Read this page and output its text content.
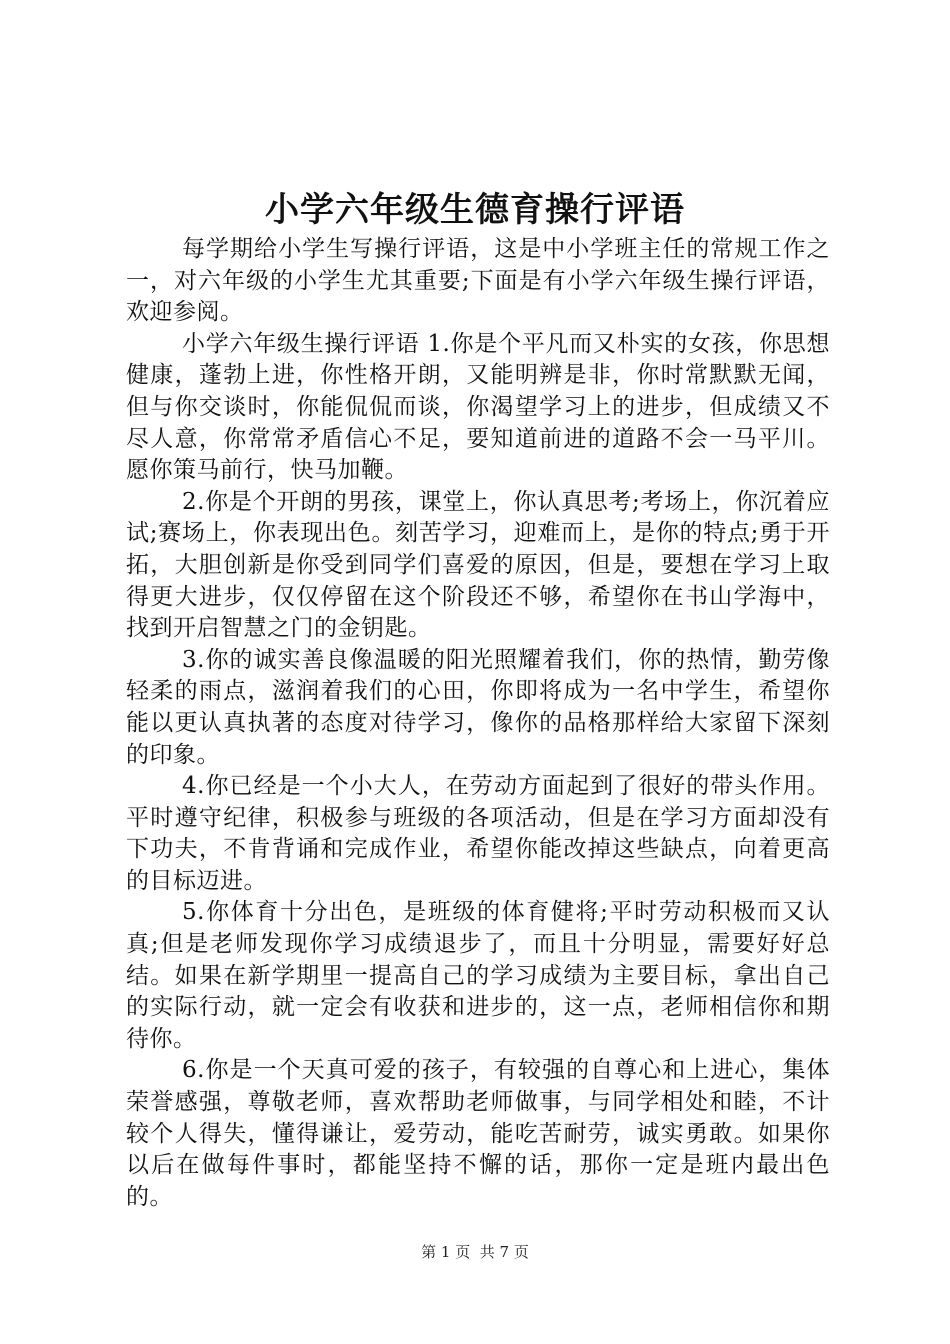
小学六年级生德育操行评语

每学期给小学生写操行评语，这是中小学班主任的常规工作之一，对六年级的小学生尤其重要;下面是有小学六年级生操行评语，欢迎参阅。

小学六年级生操行评语 1.你是个平凡而又朴实的女孩，你思想健康，蓬勃上进，你性格开朗，又能明辨是非，你时常默默无闻，但与你交谈时，你能侃侃而谈，你渴望学习上的进步，但成绩又不尽人意，你常常矛盾信心不足，要知道前进的道路不会一马平川。愿你策马前行，快马加鞭。

2.你是个开朗的男孩，课堂上，你认真思考;考场上，你沉着应试;赛场上，你表现出色。刻苦学习，迎难而上，是你的特点;勇于开拓，大胆创新是你受到同学们喜爱的原因，但是，要想在学习上取得更大进步，仅仅停留在这个阶段还不够，希望你在书山学海中，找到开启智慧之门的金钥匙。

3.你的诚实善良像温暖的阳光照耀着我们，你的热情，勤劳像轻柔的雨点，滋润着我们的心田，你即将成为一名中学生，希望你能以更认真执著的态度对待学习，像你的品格那样给大家留下深刻的印象。

4.你已经是一个小大人，在劳动方面起到了很好的带头作用。平时遵守纪律，积极参与班级的各项活动，但是在学习方面却没有下功夫，不肯背诵和完成作业，希望你能改掉这些缺点，向着更高的目标迈进。

5.你体育十分出色，是班级的体育健将;平时劳动积极而又认真;但是老师发现你学习成绩退步了，而且十分明显，需要好好总结。如果在新学期里一提高自己的学习成绩为主要目标，拿出自己的实际行动，就一定会有收获和进步的，这一点，老师相信你和期待你。

6.你是一个天真可爱的孩子，有较强的自尊心和上进心，集体荣誉感强，尊敬老师，喜欢帮助老师做事，与同学相处和睦，不计较个人得失，懂得谦让，爱劳动，能吃苦耐劳，诚实勇敢。如果你以后在做每件事时，都能坚持不懈的话，那你一定是班内最出色的。

第 1 页  共 7 页
